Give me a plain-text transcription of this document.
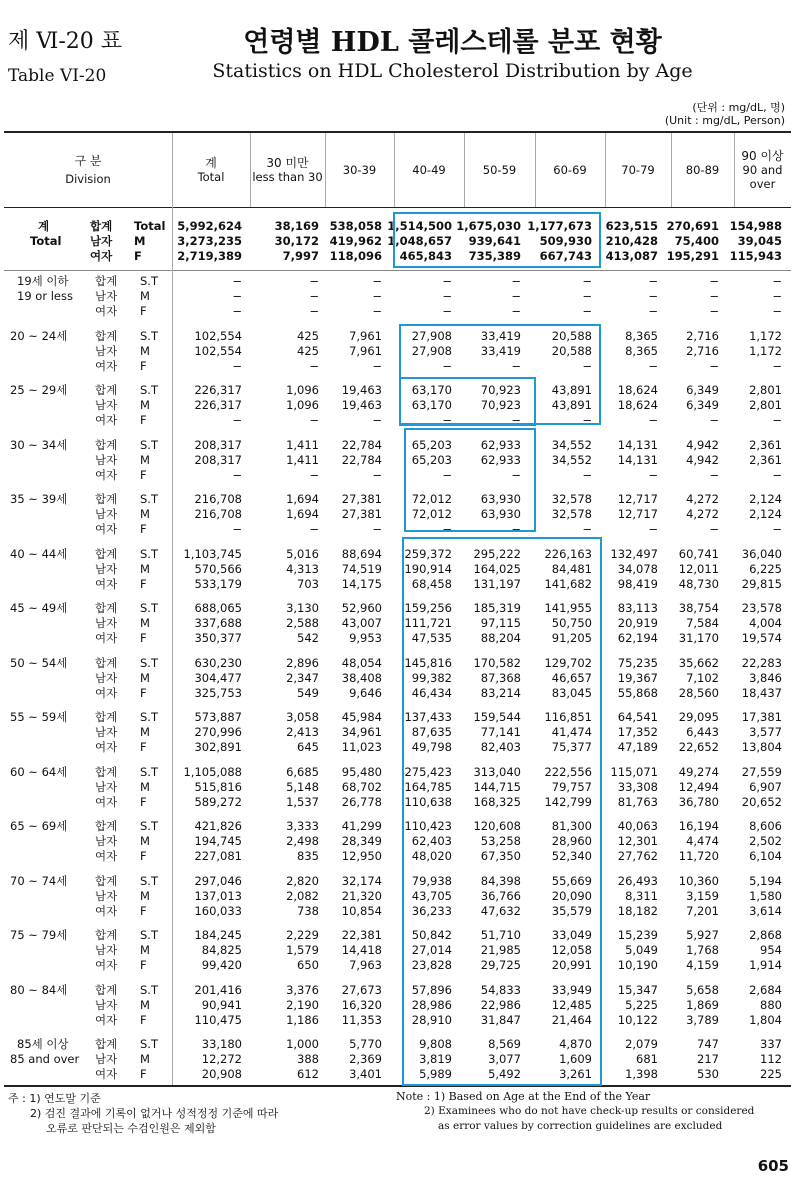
제 Ⅵ-20 표
Table VI-20
연령별 HDL 콜레스테롤 분포 현황
Statistics on HDL Cholesterol Distribution by Age
(단위 : mg/dL, 명)
(Unit : mg/dL, Person)
구 분
Division
계
Total
30 미만
less than 30 30-39	40-49	50-59	60-69	70-79	80-89
90 이상
90 and over
계
Total
합계 Total 5,992,624	38,169 538,058 1,514,500 1,675,030 1,177,673 623,515 270,691 154,988
남자 M	3,273,235	30,172 419,962 1,048,657 939,641 509,930 210,428 75,400 39,045
여자 F	2,719,389	7,997 118,096 465,843 735,389 667,743 413,087 195,291 115,943
19세 이하
19 or less
합계 S.T	−	−	−	−	−	−	−	−	−
남자 M	−	−	−	−	−	−	−	−	−
여자 F	−	−	−	−	−	−	−	−	−
20 ~ 24세 합계 S.T	102,554	425	7,961	27,908	33,419	20,588	8,365 2,716	1,172
남자 M	102,554	425	7,961	27,908	33,419	20,588	8,365 2,716	1,172
여자 F	−	−	−	−	−	−	−	−	−
25 ~ 29세 합계 S.T	226,317	1,096 19,463	63,170	70,923	43,891 18,624 6,349	2,801
남자 M	226,317	1,096 19,463	63,170	70,923	43,891 18,624 6,349	2,801
여자 F	−	−	−	−	−	−	−	−	−
30 ~ 34세 합계 S.T	208,317	1,411 22,784	65,203	62,933	34,552 14,131 4,942	2,361
남자 M	208,317	1,411 22,784	65,203	62,933	34,552 14,131 4,942	2,361
여자 F	−	−	−	−	−	−	−	−	−
35 ~ 39세 합계 S.T	216,708	1,694 27,381	72,012	63,930	32,578 12,717 4,272	2,124
남자 M	216,708	1,694 27,381	72,012	63,930	32,578 12,717 4,272	2,124
여자 F	−	−	−	−	−	−	−	−	−
40 ~ 44세 합계 S.T 1,103,745	5,016 88,694 259,372 295,222 226,163 132,497 60,741 36,040
남자 M	570,566	4,313 74,519 190,914 164,025	84,481 34,078 12,011	6,225
여자 F	533,179	703 14,175	68,458 131,197 141,682 98,419 48,730 29,815
45 ~ 49세 합계 S.T	688,065	3,130 52,960 159,256 185,319 141,955 83,113 38,754 23,578
남자 M	337,688	2,588 43,007 111,721	97,115	50,750 20,919 7,584	4,004
여자 F	350,377	542	9,953	47,535	88,204	91,205 62,194 31,170 19,574
50 ~ 54세 합계 S.T	630,230	2,896 48,054 145,816 170,582 129,702 75,235 35,662 22,283
남자 M	304,477	2,347 38,408	99,382	87,368	46,657 19,367 7,102	3,846
여자 F	325,753	549	9,646	46,434	83,214	83,045 55,868 28,560 18,437
55 ~ 59세 합계 S.T	573,887	3,058 45,984 137,433 159,544 116,851 64,541 29,095 17,381
남자 M	270,996	2,413 34,961	87,635	77,141	41,474 17,352 6,443	3,577
여자 F	302,891	645 11,023	49,798	82,403	75,377 47,189 22,652 13,804
60 ~ 64세 합계 S.T 1,105,088	6,685 95,480 275,423 313,040 222,556 115,071 49,274 27,559
남자 M	515,816	5,148 68,702 164,785 144,715	79,757 33,308 12,494	6,907
여자 F	589,272	1,537 26,778 110,638 168,325 142,799 81,763 36,780 20,652
65 ~ 69세 합계 S.T	421,826	3,333 41,299 110,423 120,608	81,300 40,063 16,194	8,606
남자 M	194,745	2,498 28,349	62,403	53,258	28,960 12,301 4,474	2,502
여자 F	227,081	835 12,950	48,020	67,350	52,340 27,762 11,720	6,104
70 ~ 74세 합계 S.T	297,046	2,820 32,174	79,938	84,398	55,669 26,493 10,360	5,194
남자 M	137,013	2,082 21,320	43,705	36,766	20,090	8,311 3,159	1,580
여자 F	160,033	738 10,854	36,233	47,632	35,579 18,182 7,201	3,614
75 ~ 79세 합계 S.T	184,245	2,229 22,381	50,842	51,710	33,049 15,239 5,927	2,868
남자 M	84,825	1,579 14,418	27,014	21,985	12,058	5,049 1,768	954
여자 F	99,420	650	7,963	23,828	29,725	20,991 10,190 4,159	1,914
80 ~ 84세 합계 S.T	201,416	3,376 27,673	57,896	54,833	33,949 15,347 5,658	2,684
남자 M	90,941	2,190 16,320	28,986	22,986	12,485	5,225 1,869	880
여자 F	110,475	1,186 11,353	28,910	31,847	21,464 10,122 3,789	1,804
85세 이상
85 and over
합계 S.T	33,180	1,000	5,770	9,808	8,569	4,870	2,079	747	337
남자 M	12,272	388	2,369	3,819	3,077	1,609	681	217	112
여자 F	20,908	612	3,401	5,989	5,492	3,261	1,398	530	225
주 : 1) 연도말 기준
2) 검진 결과에 기록이 없거나 성적정정 기준에 따라
오류로 판단되는 수검인원은 제외함
Note : 1) Based on Age at the End of the Year
2) Examinees who do not have check-up results or considered
as error values by correction guidelines are excluded
605
